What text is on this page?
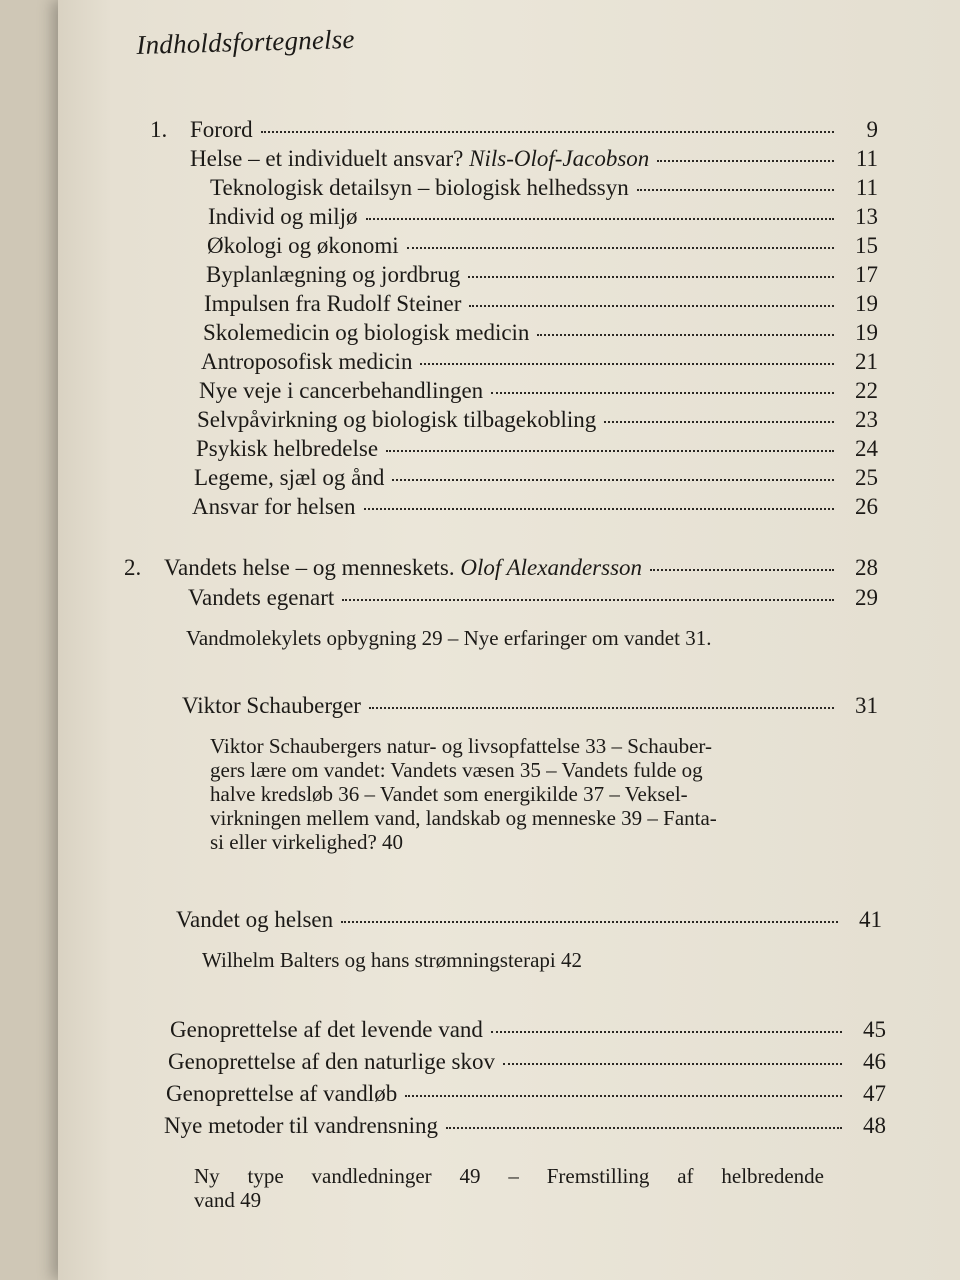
Indholdsfortegnelse
1. Forord	9
Helse – et individuelt ansvar? Nils-Olof-Jacobson	11
Teknologisk detailsyn – biologisk helhedssyn	11
Individ og miljø	13
Økologi og økonomi	15
Byplanlægning og jordbrug	17
Impulsen fra Rudolf Steiner	19
Skolemedicin og biologisk medicin	19
Antroposofisk medicin	21
Nye veje i cancerbehandlingen	22
Selvpåvirkning og biologisk tilbagekobling	23
Psykisk helbredelse	24
Legeme, sjæl og ånd	25
Ansvar for helsen	26
2. Vandets helse – og menneskets. Olof Alexandersson	28
Vandets egenart	29
Vandmolekylets opbygning 29 – Nye erfaringer om vandet 31.
Viktor Schauberger	31
Viktor Schaubergers natur- og livsopfattelse 33 – Schauber-
gers lære om vandet: Vandets væsen 35 – Vandets fulde og
halve kredsløb 36 – Vandet som energikilde 37 – Veksel-
virkningen mellem vand, landskab og menneske 39 – Fanta-
si eller virkelighed? 40
Vandet og helsen	41
Wilhelm Balters og hans strømningsterapi 42
Genoprettelse af det levende vand	45
Genoprettelse af den naturlige skov	46
Genoprettelse af vandløb	47
Nye metoder til vandrensning	48
Ny type vandledninger 49 – Fremstilling af helbredende
vand 49
